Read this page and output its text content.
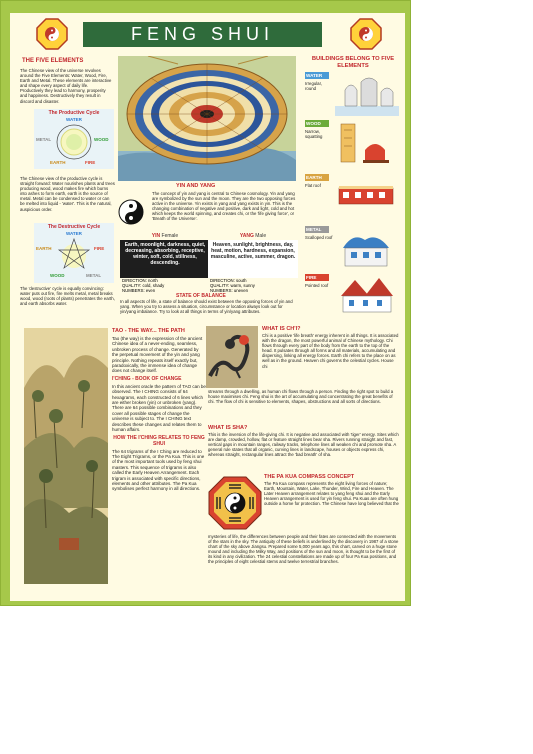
FENG SHUI
THE FIVE ELEMENTS
The Chinese view of the universe revolves around the Five Elements: Water, Wood, Fire, Earth and Metal. These elements are interactive and shape every aspect of daily life. Productively they lead to harmony, prosperity and happiness. Destructively they result in discord and disaster.
The Productive Cycle
WATER
WOOD
FIRE
EARTH
METAL
The Chinese view of the productive cycle is straight forward: Water nourishes plants and trees producing wood, wood makes fire which burns into ashes to form earth, earth is the source of metal. Metal can be condensed to water or can be melted into liquid - 'water'. This is the natural, auspicious order.
The Destructive Cycle
WATER
FIRE
METAL
WOOD
EARTH
The 'destructive' cycle is equally convincing: water puts out fire, fire melts metal, metal breaks wood, wood (roots of plants) penetrates the earth, and earth absorbs water.
YIN AND YANG
The concept of yin and yang is central to Chinese cosmology. Yin and yang are symbolized by the sun and the moon. They are the two opposing forces active in the universe. Yin exists in yang and yang exists in yin. This is the changing combination of negative and positive, dark and light, cold and hot which keeps the world spinning, and creates chi, or the 'life giving force', or 'Breath of the Universe'.
YIN Female
Earth, moonlight, darkness, quiet, decreasing, absorbing, receptive, winter, soft, cold, stillness, descending.
DIRECTION: north
QUALITY: cold, shady
NUMBERS: even
YANG Male
Heaven, sunlight, brightness, day, heat, motion, hardness, expansion, masculine, active, summer, dragon.
DIRECTION: south
QUALITY: warm, sunny
NUMBERS: uneven
STATE OF BALANCE
In all aspects of life, a state of balance should exist between the opposing forces of yin and yang. When you try to assess a situation, circumstance or location always look out for yin/yang imbalance. Try to look at all things in terms of yin/yang attributes.
BUILDINGS BELONG TO FIVE ELEMENTS
WATER
Irregular, round
WOOD
Narrow, squatting
EARTH
Flat roof
METAL
Scalloped roof
FIRE
Pointed roof
TAO - THE WAY... THE PATH
Tao (the way) is the expression of the ancient Chinese idea of a never-ending, seamless, unbroken process of change. Generated by the perpetual movement of the yin and yang principle. Nothing repeats itself exactly but, paradoxically, the immense idea of change does not change itself.
I'CHING - BOOK OF CHANGE
In this ancient oracle the pattern of TAO can be observed. The I CHING consists of 64 hexagrams, each constructed of 6 lines which are either broken (yin) or unbroken (yang). There are 64 possible combinations and they cover all possible stages of change the universe is subject to. The I CHING text describes these changes and relates them to human affairs.
HOW THE I'CHING RELATES TO FENG SHUI
The 64 trigrams of the I Ching are reduced to The Eight Trigrams, or the Pa Kua. This is one of the most important tools used by feng shui masters. This sequence of trigrams is also called the Early Heaven Arrangement. Each trigram is associated with specific directions, elements and other attributes. The Pa Kua symbolises perfect harmony in all directions.
WHAT IS CH'I?
Chi is a positive 'life breath' energy inherent in all things. It is associated with the dragon, the most powerful animal of Chinese mythology. Chi flows through every part of the body from the earth to the top of the head. It pulsates through all forms and all materials, accumulating and dispersing, linking all energy forces. Earth chi refers to the place on as well as in the ground. Heaven chi governs the celestial cycles. House chi
streams through a dwelling, as human chi flows through a person. Finding the right spot to build a house maximises chi. Feng shui is the art of accumulating and concentrating the great benefits of chi. The flow of chi is sensitive to elements, shapes, obstructions and all sorts of directions.
WHAT IS SHA?
This is the inversion of the life-giving chi. It is negative and associated with 'tiger' energy. Sites which are damp, crowded, hollow, flat or feature straight lines bear sha. Rivers running straight and fast, vertical gaps in mountain ranges, railway tracks, telephone lines all weaken chi and promote sha. A general rule states that all organic, curving lines in landscape, houses or objects express chi, whereas straight, rectangular lines attract the 'bad breath' of sha.
THE PA KUA COMPASS CONCEPT
The Pa Kua compass represents the eight living forces of nature; Earth, Mountain, Water, Lake, Thunder, Wind, Fire and Heaven. The Later Heaven arrangement relates to yang feng shui and the Early Heaven arrangement is used for yin feng shui. Pa Kuas are often hung outside a home for protection. The Chinese have long believed that the
mysteries of life, the differences between people and their fates are connected with the movements of the stars in the sky. The antiquity of these beliefs is underlined by the discovery in 1987 of a stone chart of the sky above Jiangsu. Prepared some 5,000 years ago, this chart, carved on a huge stone mound and including the Milky Way, and positions of the sun and moon, is thought to be the first of its kind in any civilization. The 24 celestial constellations are made up of four Pa Kua positions, and the principles of eight celestial stems and twelve terrestrial branches.
